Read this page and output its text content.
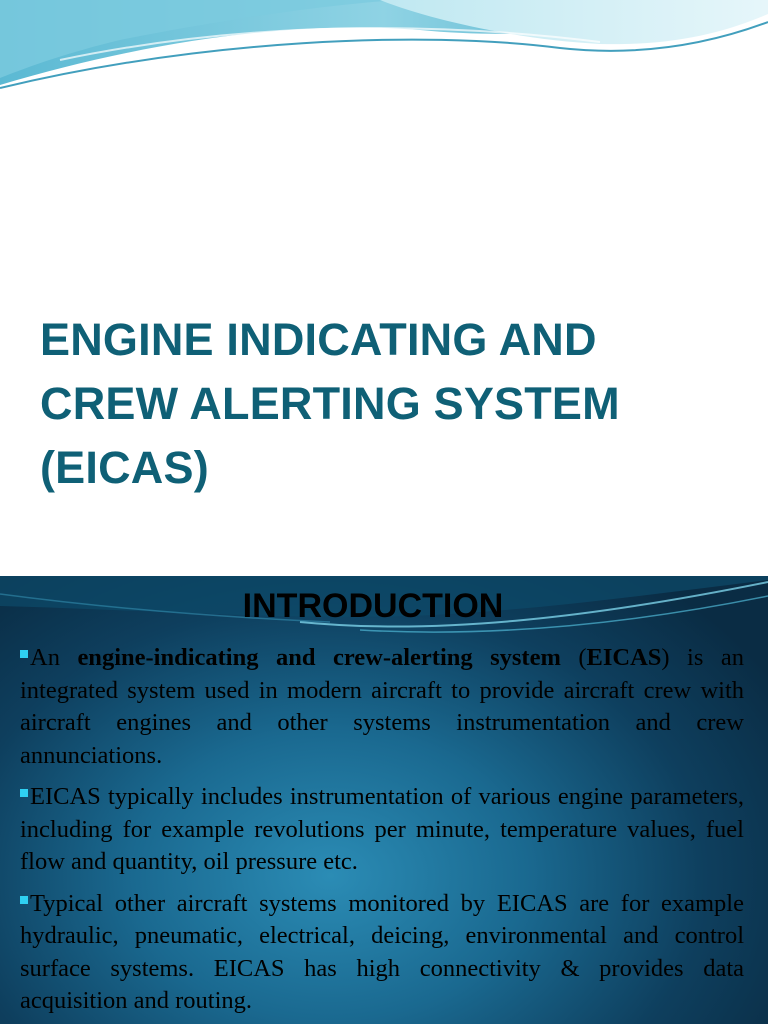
ENGINE INDICATING AND
CREW ALERTING SYSTEM
(EICAS)
INTRODUCTION

An engine-indicating and crew-alerting system (EICAS) is an integrated system used in modern aircraft to provide aircraft crew with aircraft engines and other systems instrumentation and crew annunciations.

EICAS typically includes instrumentation of various engine parameters, including for example revolutions per minute, temperature values, fuel flow and quantity, oil pressure etc.

Typical other aircraft systems monitored by EICAS are for example hydraulic, pneumatic, electrical, deicing, environmental and control surface systems. EICAS has high connectivity & provides data acquisition and routing.
